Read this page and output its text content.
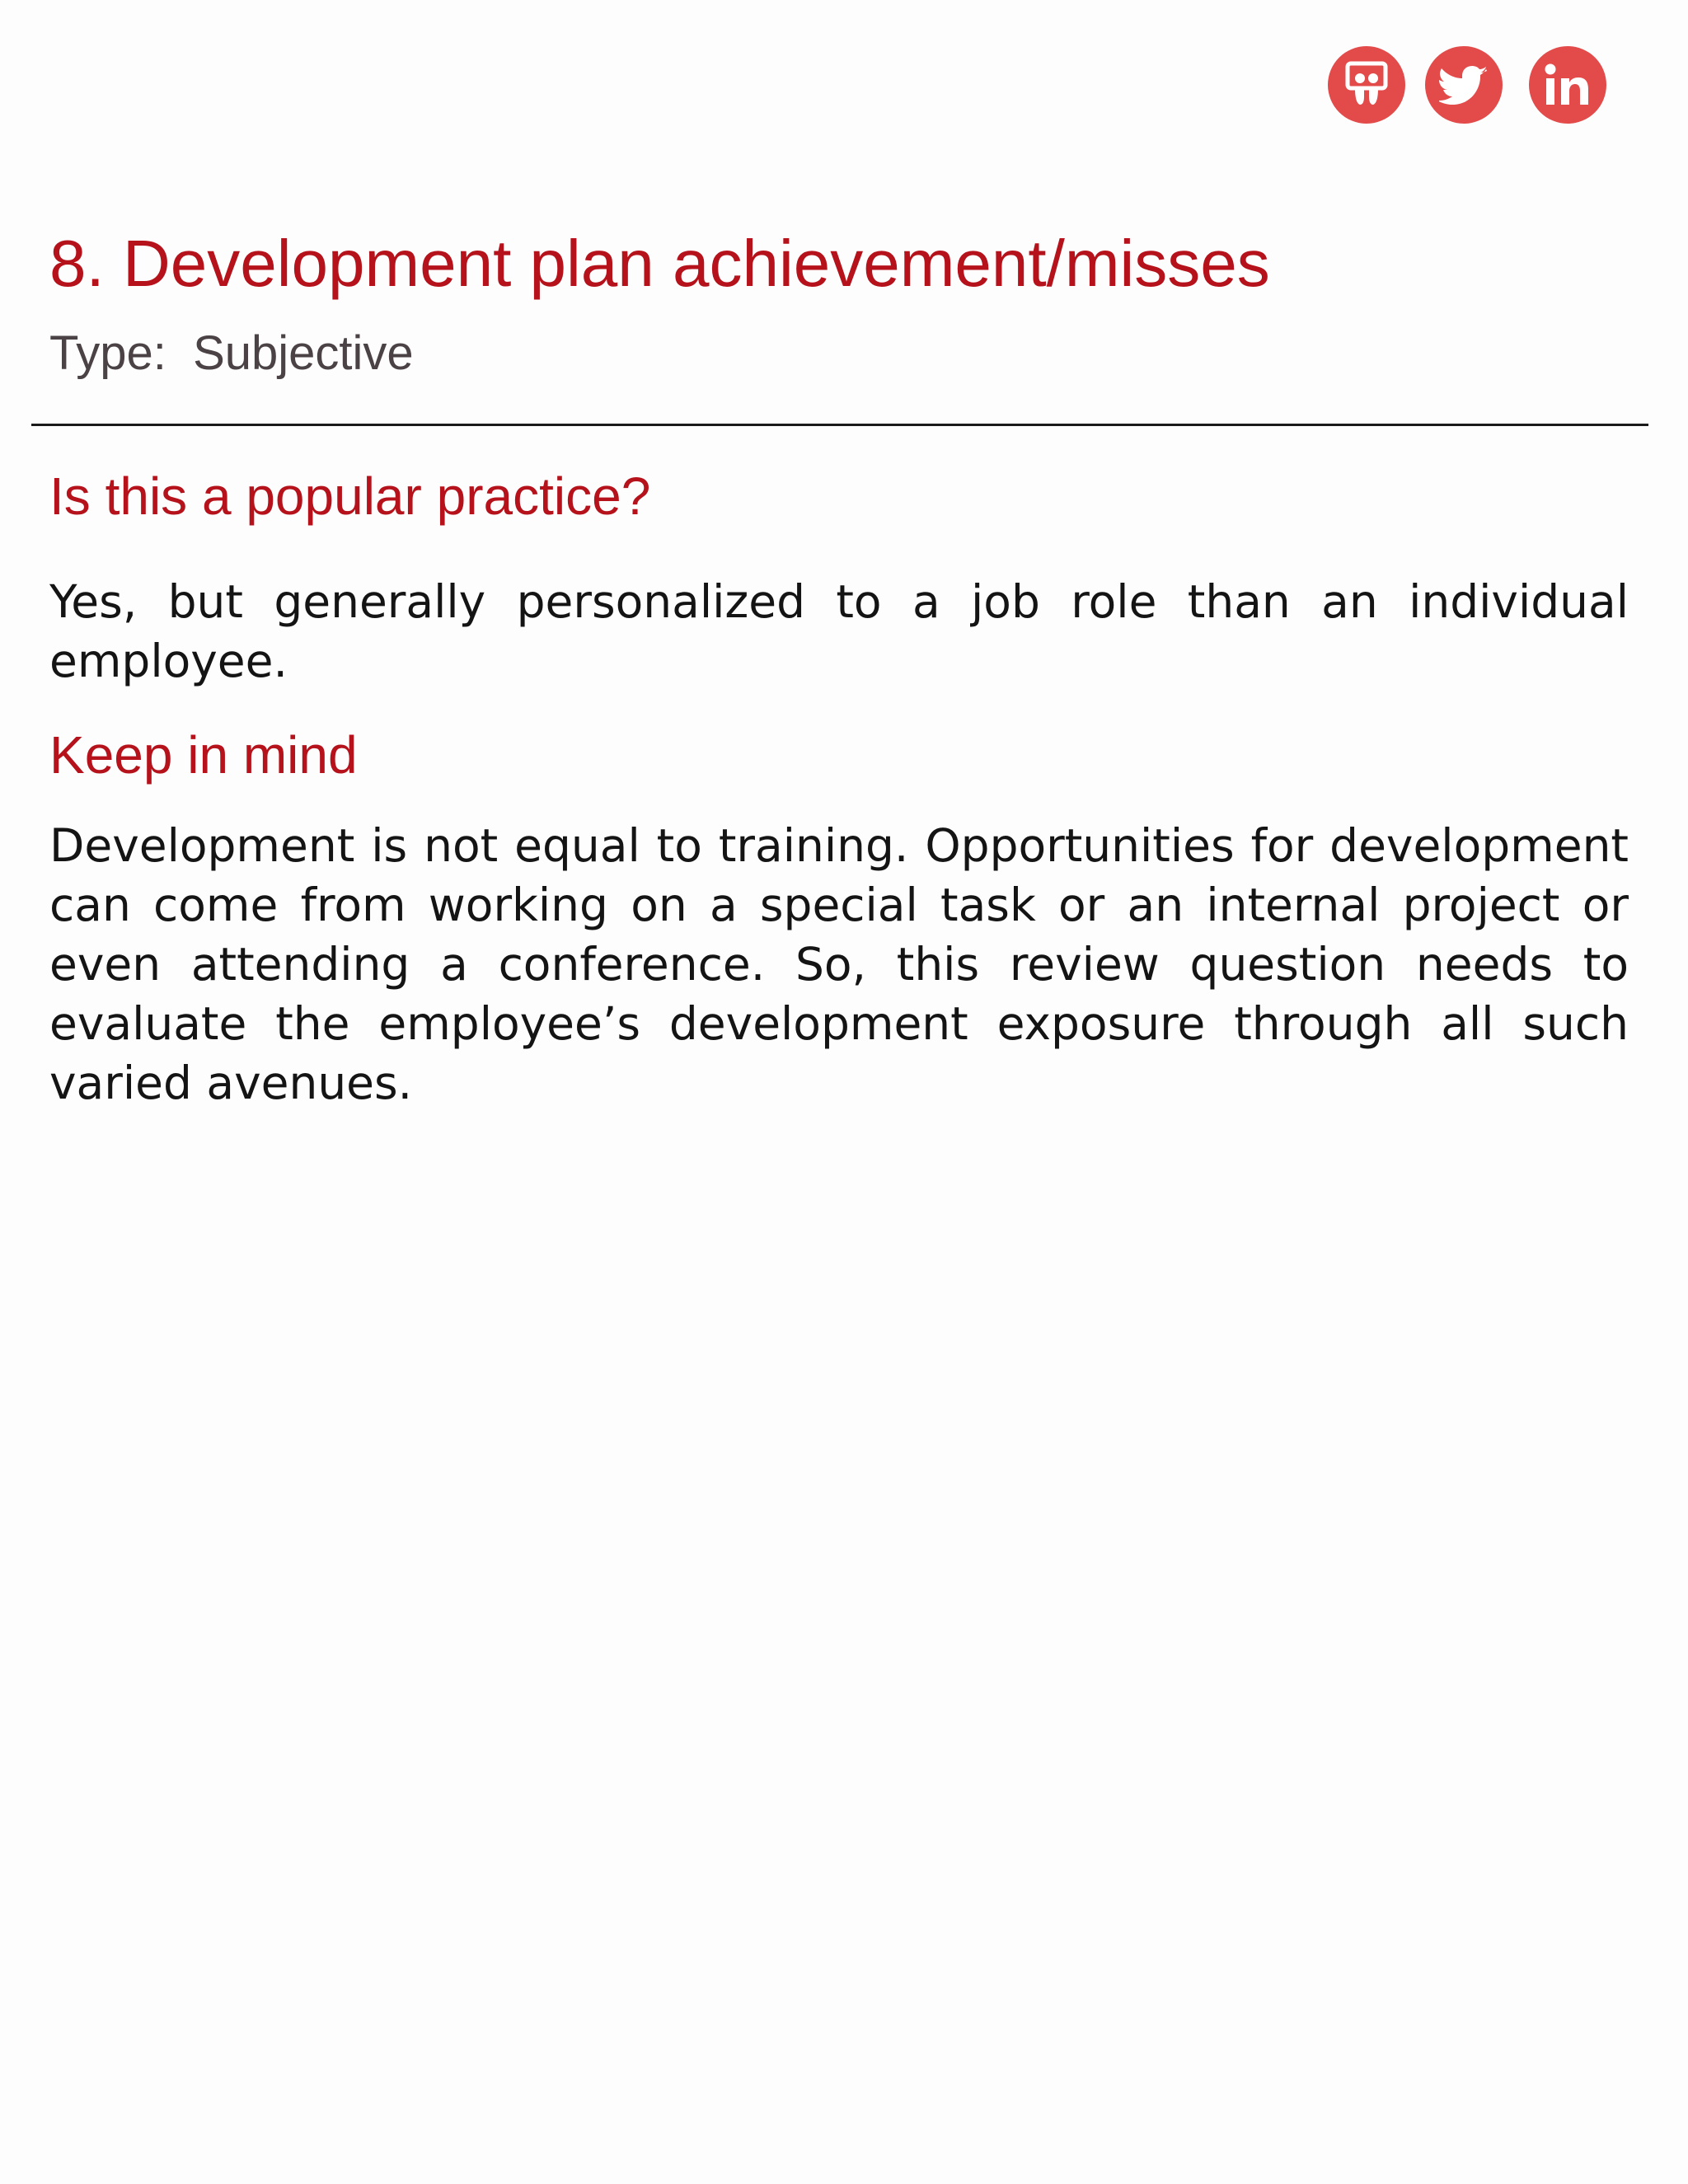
8. Development plan achievement/misses

Type:  Subjective

Is this a popular practice?

Yes, but generally personalized to a job role than an individual employee.

Keep in mind

Development is not equal to training. Opportunities for development can come from working on a special task or an internal project or even attending a conference. So, this review question needs to evaluate the employee’s development exposure through all such varied avenues.
